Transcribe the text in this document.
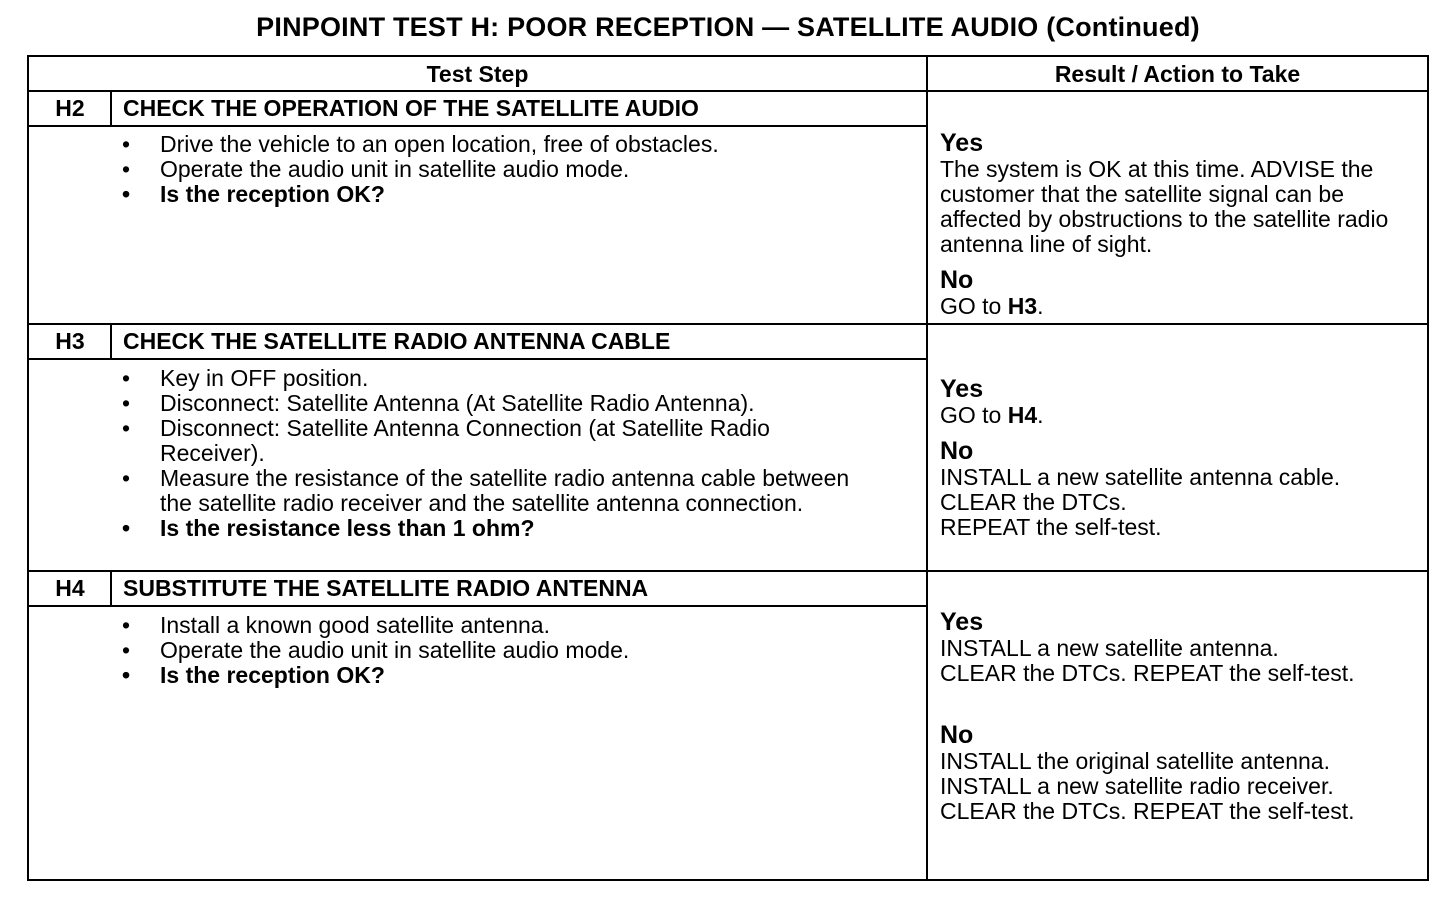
PINPOINT TEST H: POOR RECEPTION — SATELLITE AUDIO (Continued)
Test Step	Result / Action to Take
H2	CHECK THE OPERATION OF THE SATELLITE AUDIO
• Drive the vehicle to an open location, free of obstacles.
• Operate the audio unit in satellite audio mode.
• Is the reception OK?
Yes
The system is OK at this time. ADVISE the customer that the satellite signal can be affected by obstructions to the satellite radio antenna line of sight.
No
GO to H3.
H3	CHECK THE SATELLITE RADIO ANTENNA CABLE
• Key in OFF position.
• Disconnect: Satellite Antenna (At Satellite Radio Antenna).
• Disconnect: Satellite Antenna Connection (at Satellite Radio Receiver).
• Measure the resistance of the satellite radio antenna cable between the satellite radio receiver and the satellite antenna connection.
• Is the resistance less than 1 ohm?
Yes
GO to H4.
No
INSTALL a new satellite antenna cable.
CLEAR the DTCs.
REPEAT the self-test.
H4	SUBSTITUTE THE SATELLITE RADIO ANTENNA
• Install a known good satellite antenna.
• Operate the audio unit in satellite audio mode.
• Is the reception OK?
Yes
INSTALL a new satellite antenna.
CLEAR the DTCs. REPEAT the self-test.
No
INSTALL the original satellite antenna.
INSTALL a new satellite radio receiver.
CLEAR the DTCs. REPEAT the self-test.
